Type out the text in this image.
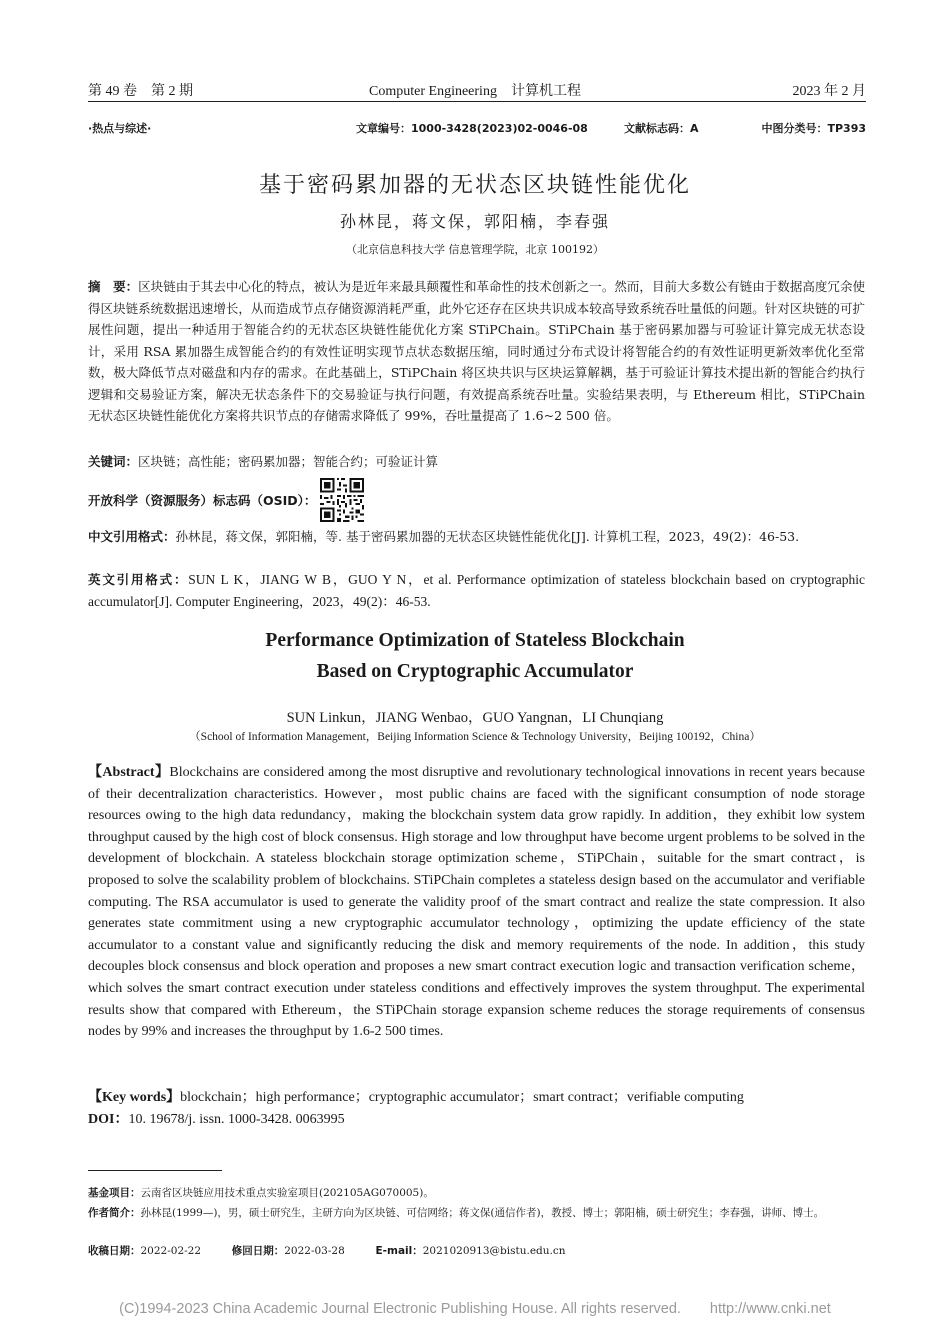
第 49 卷　第 2 期	Computer Engineering　计算机工程	2023 年 2 月
·热点与综述·	文章编号：1000-3428(2023)02-0046-08	文献标志码：A	中图分类号：TP393
基于密码累加器的无状态区块链性能优化
孙林昆，蒋文保，郭阳楠，李春强
（北京信息科技大学 信息管理学院，北京 100192）
摘　要：区块链由于其去中心化的特点，被认为是近年来最具颠覆性和革命性的技术创新之一。然而，目前大多数公有链由于数据高度冗余使得区块链系统数据迅速增长，从而造成节点存储资源消耗严重，此外它还存在区块共识成本较高导致系统吞吐量低的问题。针对区块链的可扩展性问题，提出一种适用于智能合约的无状态区块链性能优化方案 STiPChain。STiPChain 基于密码累加器与可验证计算完成无状态设计，采用 RSA 累加器生成智能合约的有效性证明实现节点状态数据压缩，同时通过分布式设计将智能合约的有效性证明更新效率优化至常数，极大降低节点对磁盘和内存的需求。在此基础上，STiPChain 将区块共识与区块运算解耦，基于可验证计算技术提出新的智能合约执行逻辑和交易验证方案，解决无状态条件下的交易验证与执行问题，有效提高系统吞吐量。实验结果表明，与 Ethereum 相比，STiPChain 无状态区块链性能优化方案将共识节点的存储需求降低了 99%，吞吐量提高了 1.6~2 500 倍。
关键词：区块链；高性能；密码累加器；智能合约；可验证计算
开放科学（资源服务）标志码（OSID）：
中文引用格式：孙林昆，蒋文保，郭阳楠，等. 基于密码累加器的无状态区块链性能优化[J]. 计算机工程，2023，49(2)：46-53.
英文引用格式：SUN L K，JIANG W B，GUO Y N，et al. Performance optimization of stateless blockchain based on cryptographic accumulator[J]. Computer Engineering，2023，49(2)：46-53.
Performance Optimization of Stateless Blockchain
Based on Cryptographic Accumulator
SUN Linkun，JIANG Wenbao，GUO Yangnan，LI Chunqiang
（School of Information Management，Beijing Information Science & Technology University，Beijing 100192，China）
【Abstract】Blockchains are considered among the most disruptive and revolutionary technological innovations in recent years because of their decentralization characteristics. However，most public chains are faced with the significant consumption of node storage resources owing to the high data redundancy，making the blockchain system data grow rapidly. In addition，they exhibit low system throughput caused by the high cost of block consensus. High storage and low throughput have become urgent problems to be solved in the development of blockchain. A stateless blockchain storage optimization scheme，STiPChain，suitable for the smart contract，is proposed to solve the scalability problem of blockchains. STiPChain completes a stateless design based on the accumulator and verifiable computing. The RSA accumulator is used to generate the validity proof of the smart contract and realize the state compression. It also generates state commitment using a new cryptographic accumulator technology，optimizing the update efficiency of the state accumulator to a constant value and significantly reducing the disk and memory requirements of the node. In addition，this study decouples block consensus and block operation and proposes a new smart contract execution logic and transaction verification scheme，which solves the smart contract execution under stateless conditions and effectively improves the system throughput. The experimental results show that compared with Ethereum，the STiPChain storage expansion scheme reduces the storage requirements of consensus nodes by 99% and increases the throughput by 1.6-2 500 times.
【Key words】blockchain；high performance；cryptographic accumulator；smart contract；verifiable computing
DOI：10. 19678/j. issn. 1000-3428. 0063995
基金项目：云南省区块链应用技术重点实验室项目(202105AG070005)。
作者简介：孙林昆(1999—)，男，硕士研究生，主研方向为区块链、可信网络；蒋文保(通信作者)，教授、博士；郭阳楠，硕士研究生；李春强，讲师、博士。
收稿日期：2022-02-22	修回日期：2022-03-28	E-mail：2021020913@bistu.edu.cn
(C)1994-2023 China Academic Journal Electronic Publishing House. All rights reserved.　　http://www.cnki.net
